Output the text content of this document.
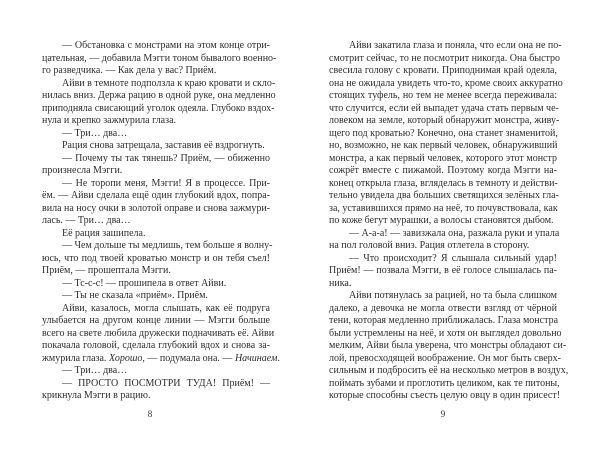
— Обстановка с монстрами на этом конце отри-
цательная, — добавила Мэгги тоном бывалого военно-
го разведчика. — Как дела у вас? Приём.
Айви в темноте подползла к краю кровати и скло-
нилась вниз. Держа рацию в одной руке, она медленно
приподняла свисающий уголок одеяла. Глубоко вздох-
нула и крепко зажмурила глаза.
— Три… два…
Рация снова затрещала, заставив её вздрогнуть.
— Почему ты так тянешь? Приём, — обиженно
произнесла Мэгги.
— Не торопи меня, Мэгги! Я в процессе. При-
ём. — Айви сделала ещё один глубокий вдох, попра-
вила на носу очки в золотой оправе и снова зажмури-
лась. — Три… два…
Её рация зашипела.
— Чем дольше ты медлишь, тем больше я волну-
юсь, что под твоей кроватью монстр и он тебя съел!
Приём, — прошептала Мэгги.
— Тс-с-с! — прошипела в ответ Айви.
— Ты не сказала «приём». Приём.
Айви, казалось, могла слышать, как её подруга
улыбается на другом конце линии — Мэгги больше
всего на свете любила дружески подначивать её. Айви
покачала головой, сделала глубокий вдох и снова за-
жмурила глаза. Хорошо, — подумала она. — Начинаем.
— Три… два…
— ПРОСТО ПОСМОТРИ ТУДА! Приём! —
крикнула Мэгги в рацию.
Айви закатила глаза и поняла, что если она не по-
смотрит сейчас, то не посмотрит никогда. Она быстро
свесила голову с кровати. Приподнимая край одеяла,
она не ожидала увидеть что-то, кроме своих аккуратно
стоящих туфель, но тем не менее всегда переживала:
что случится, если ей выпадет удача стать первым че-
ловеком на земле, который обнаружит монстра, живу-
щего под кроватью? Конечно, она станет знаменитой,
но, возможно, не как первый человек, обнаруживший
монстра, а как первый человек, которого этот монстр
сожрёт вместе с пижамой. Поэтому когда Мэгги на-
конец открыла глаза, вгляделась в темноту и действи-
тельно увидела два больших светящихся зелёных гла-
за, уставившихся прямо на неё, то почувствовала, как
по коже бегут мурашки, а волосы становятся дыбом.
— А-а-а! — завизжала она, разжала руки и упала
на пол головой вниз. Рация отлетела в сторону.
— Что происходит? Я слышала сильный удар!
Приём! — позвала Мэгги, в её голосе слышалась па-
ника.
Айви потянулась за рацией, но та была слишком
далеко, а девочка не могла отвести взгляд от чёрной
тени, которая медленно приближалась. Глаза монстра
были устремлены на неё, и хотя он выглядел довольно
мелким, Айви была уверена, что монстры обладают си-
лой, превосходящей воображение. Он мог быть сверх-
сильным и подбросить её на несколько метров в воздух,
поймать зубами и проглотить целиком, как те питоны,
которые способны съесть целую овцу в один присест!
8	9
